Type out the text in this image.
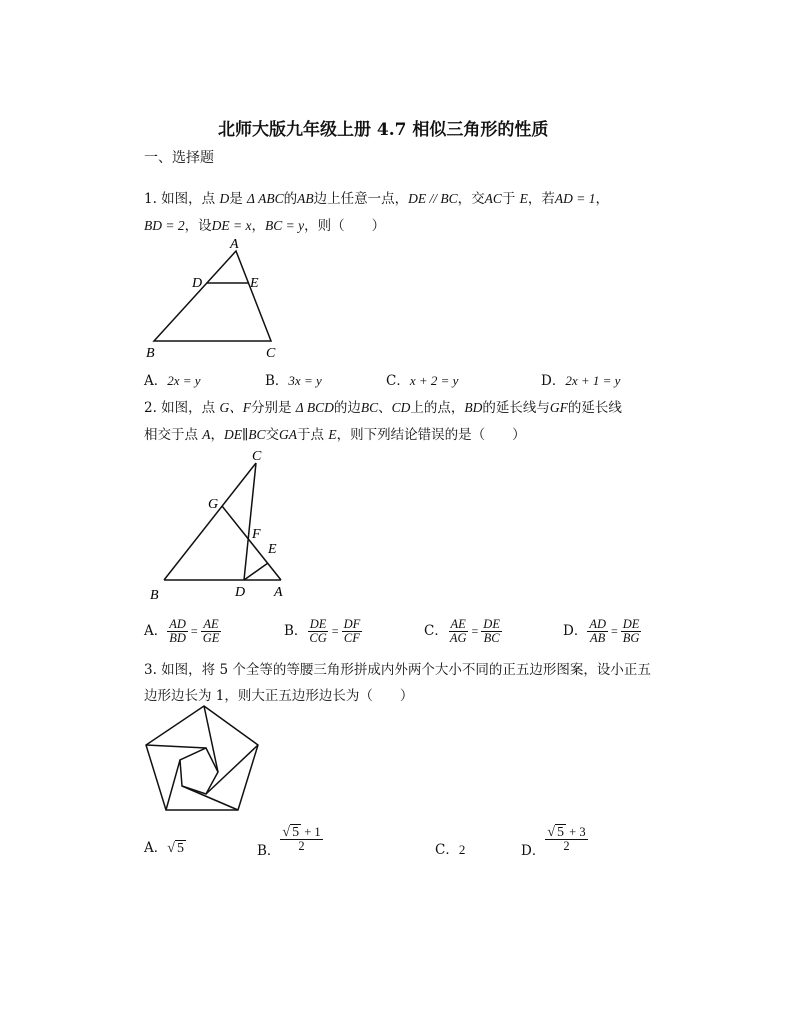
北师大版九年级上册 4.7 相似三角形的性质
一、选择题
1. 如图，点 D是 Δ ABC的AB边上任意一点，DE // BC，交AC于 E，若AD = 1，
BD = 2，设DE = x，BC = y，则（　　）
A
D	E
B	C
A．2x = y	B．3x = y	C．x + 2 = y	D．2x + 1 = y
2. 如图，点 G、F分别是 Δ BCD的边BC、CD上的点，BD的延长线与GF的延长线
相交于点 A，DE∥BC交GA于点 E，则下列结论错误的是（　　）
C
G
F
E
B	D A
A． $\frac{AD}{BD} = \frac{AE}{GE}$	B． $\frac{DE}{CG} = \frac{DF}{CF}$	C． $\frac{AE}{AG} = \frac{DE}{BC}$	D． $\frac{AD}{AB} = \frac{DE}{BG}$
3. 如图，将 5 个全等的等腰三角形拼成内外两个大小不同的正五边形图案，设小正五
边形边长为 1，则大正五边形边长为（　　）
A．√ 5	B． $\frac{√ 5 + 1}{2}$	C．2	D． $\frac{√ 5 + 3}{2}$
